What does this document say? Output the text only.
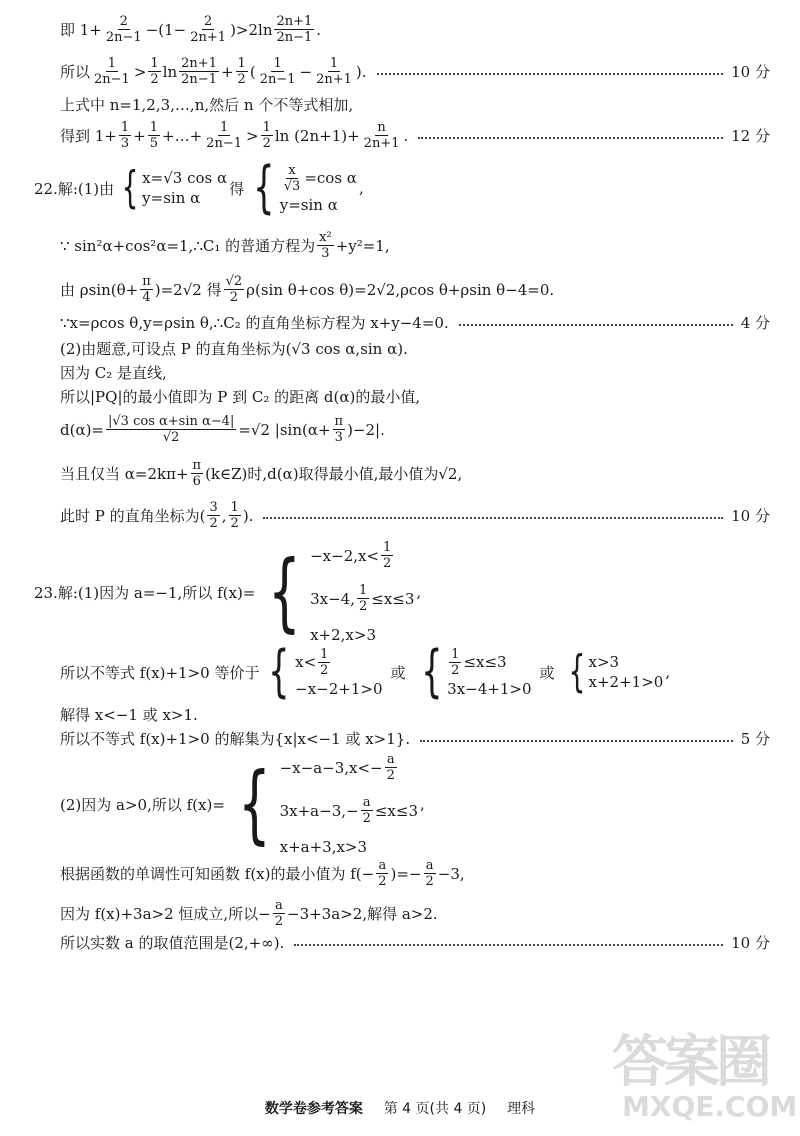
即 $1+ \frac{2}{2n-1} -(1- \frac{2}{2n+1} )>2\ln \frac{2n+1}{2n-1}$ .
所以 $\frac{1}{2n-1} > \frac{1}{2}$ $\ln \frac{2n+1}{2n-1} + \frac{1}{2}$ ( $\frac{1}{2n-1} - \frac{1}{2n+1}$ ).	10 分
上式中 n=1,2,3,…,n,然后 n 个不等式相加,
得到 $1+ \frac{1}{3} + \frac{1}{5}$ +…+ $\frac{1}{2n-1} > \frac{1}{2}$ $\ln (2n+1)+ \frac{n}{2n+1}$ .	12 分
22.解:(1)由 { x=√3 cos α
y=sin α
得 { $\frac{x}{√3} =\cos$ α
y=sin α
,
∵ sin²α+cos²α=1,∴C₁ 的普通方程为 $\frac{\text{x²}}{3} +y^2=1$,
由 $\rho\sin(\theta+ \frac{\pi}{4} )=2√2$ 得 $\frac{√2}{2} \rho(\sin$ θ+cos θ)=2√2,ρcos θ+ρsin θ−4=0.
∵x=ρcos θ,y=ρsin θ,∴C₂ 的直角坐标方程为 x+y−4=0.	4 分
(2)由题意,可设点 P 的直角坐标为(√3 cos α,sin α).
因为 C₂ 是直线,
所以|PQ|的最小值即为 P 到 C₂ 的距离 d(α)的最小值,
$d(\alpha)= \frac{\text{|√3 cos α+sin α−4|}}{√2} =√2$ $|\sin(\alpha+ \frac{\pi}{3} )-2|$.
当且仅当 $\alpha=2k\pi+ \frac{\pi}{6}$ (k∈Z)时,d(α)取得最小值,最小值为√2,
此时 P 的直角坐标为( $\frac{3}{2}$ , $\frac{1}{2}$ ).	10 分
23.解:(1)因为 a=−1,所以 f(x)= { $-x-2,x< \frac{1}{2}$
3x−4, $\frac{1}{2} \le x\le 3$
x+2,x>3
,
所以不等式 f(x)+1>0 等价于 { $x< \frac{1}{2}$
−x−2+1>0
或 { $\frac{1}{2} \le x\le 3$
3x−4+1>0
或 { x>3
x+2+1>0
,
解得 x<−1 或 x>1.
所以不等式 f(x)+1>0 的解集为{x|x<−1 或 x>1}.	5 分
(2)因为 a>0,所以 f(x)= { $-x-a-3,x<- \frac{a}{2}$
$3x+a-3,- \frac{a}{2} \le x\le 3$
x+a+3,x>3
,
根据函数的单调性可知函数 f(x)的最小值为 $f(- \frac{a}{2}$ )=− $\frac{a}{2} -3$,
因为 f(x)+3a>2 恒成立,所以− $\frac{a}{2} -3+3a>2$,解得 a>2.
所以实数 a 的取值范围是(2,+∞).	10 分
答案圈
MXQE.COM
数学卷参考答案 第 4 页(共 4 页) 理科
